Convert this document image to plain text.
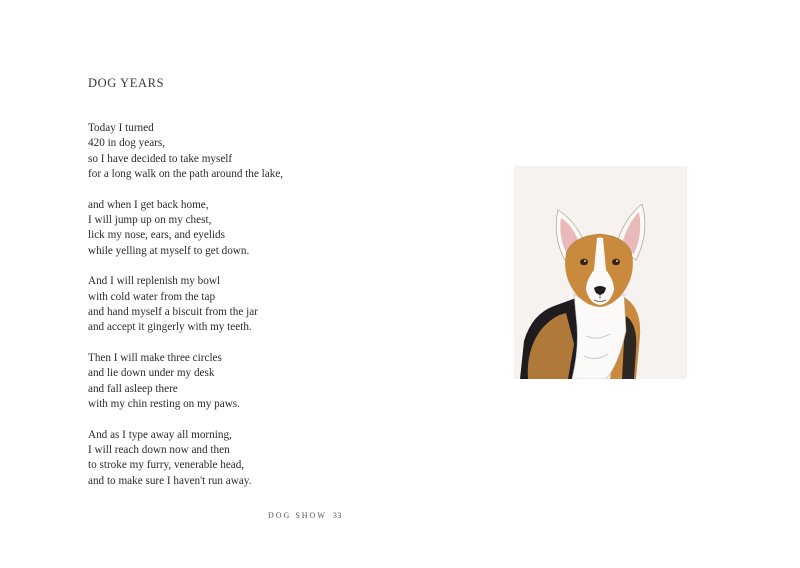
DOG YEARS
Today I turned
420 in dog years,
so I have decided to take myself
for a long walk on the path around the lake,
and when I get back home,
I will jump up on my chest,
lick my nose, ears, and eyelids
while yelling at myself to get down.
And I will replenish my bowl
with cold water from the tap
and hand myself a biscuit from the jar
and accept it gingerly with my teeth.
Then I will make three circles
and lie down under my desk
and fall asleep there
with my chin resting on my paws.
And as I type away all morning,
I will reach down now and then
to stroke my furry, venerable head,
and to make sure I haven't run away.
DOG SHOW 33
